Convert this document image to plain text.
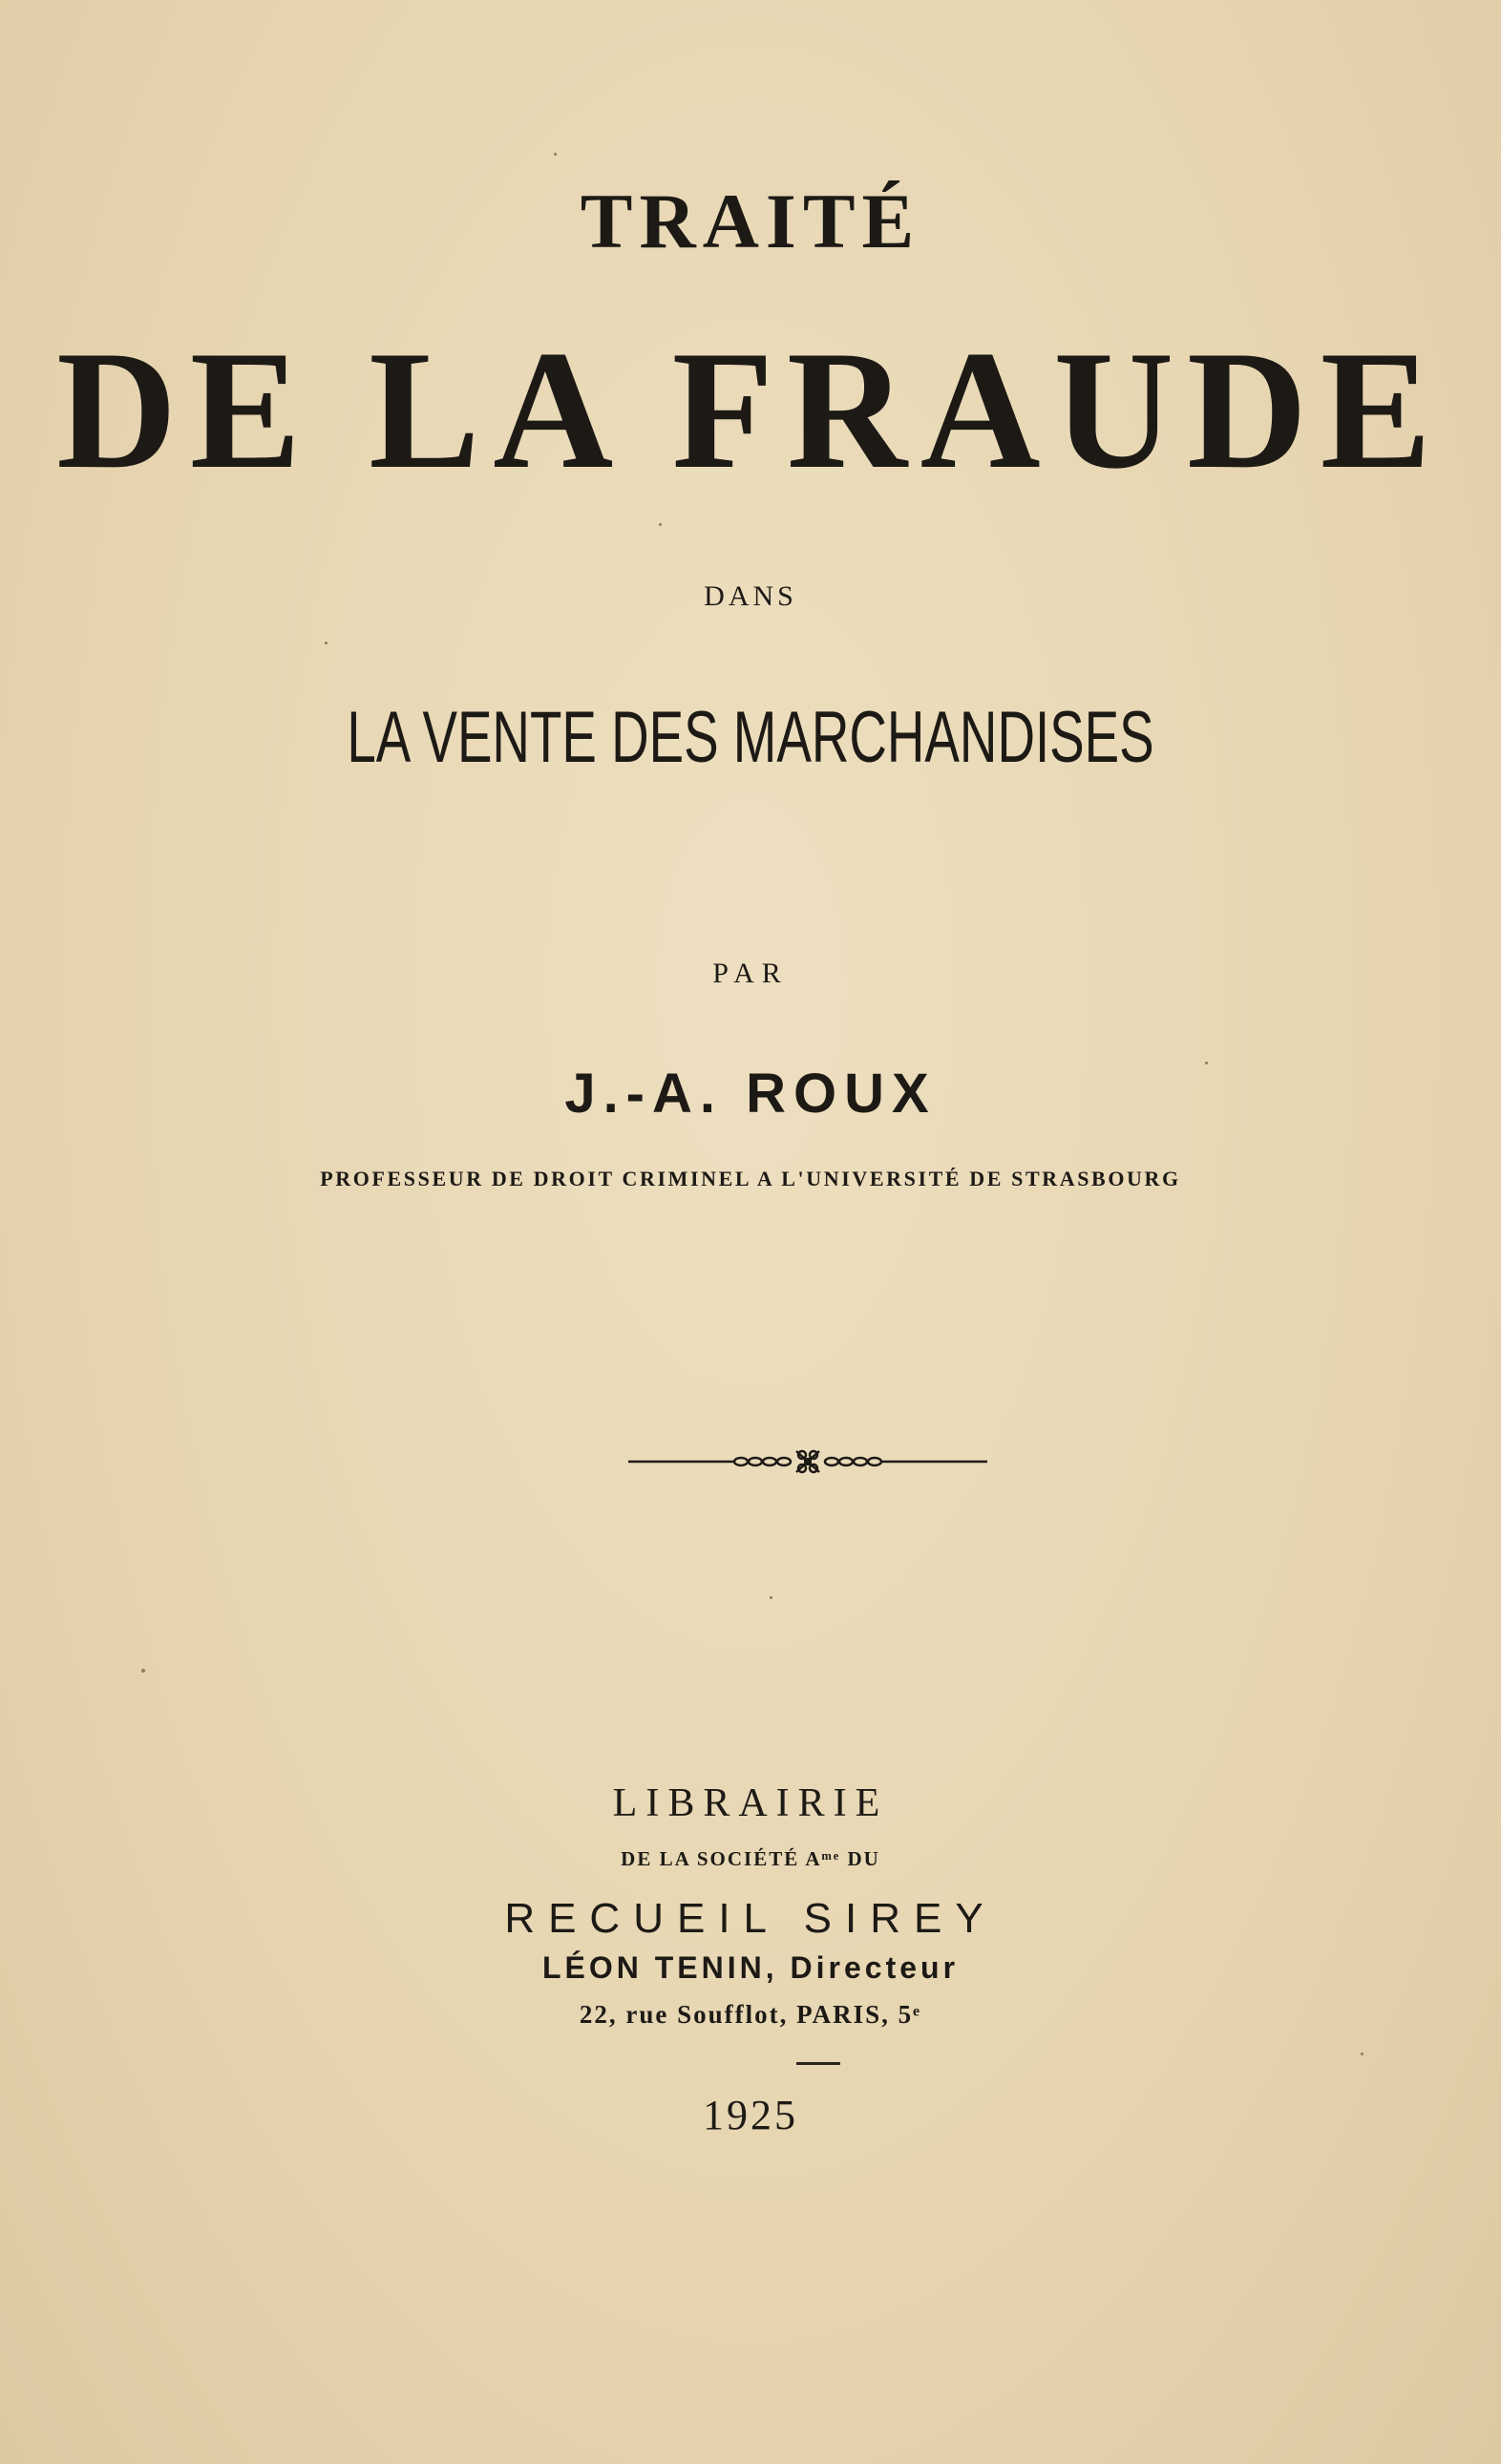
TRAITÉ
DE LA FRAUDE
DANS
LA VENTE DES MARCHANDISES
PAR
J.-A. ROUX
PROFESSEUR DE DROIT CRIMINEL A L'UNIVERSITÉ DE STRASBOURG
LIBRAIRIE
DE LA SOCIÉTÉ Aᵐᵉ DU
RECUEIL SIREY
LÉON TENIN, Directeur
22, rue Soufflot, PARIS, 5ᵉ
1925
